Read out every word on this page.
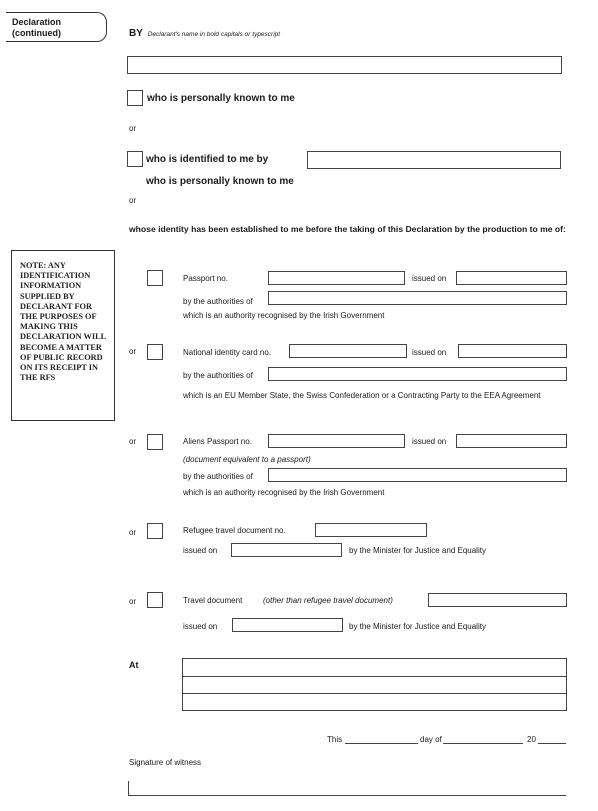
Declaration
(continued)	BY Declarant's name in bold capitals or typescript
who is personally known to me
or
who is identified to me by
who is personally known to me
or
whose identity has been established to me before the taking of this Declaration by the production to me of:
NOTE: ANY IDENTIFICATION INFORMATION SUPPLIED BY DECLARANT FOR THE PURPOSES OF MAKING THIS DECLARATION WILL BECOME A MATTER OF PUBLIC RECORD ON ITS RECEIPT IN THE RFS
Passport no.	issued on
by the authorities of
which is an authority recognised by the Irish Government
or	National identity card no.	issued on
by the authorities of
which is an EU Member State, the Swiss Confederation or a Contracting Party to the EEA Agreement
or	Aliens Passport no.	issued on
(document equivalent to a passport)
by the authorities of
which is an authority recognised by the Irish Government
or	Refugee travel document no.
issued on	by the Minister for Justice and Equality
or	Travel document	(other than refugee travel document)
issued on	by the Minister for Justice and Equality
At
This	day of	20
Signature of witness
